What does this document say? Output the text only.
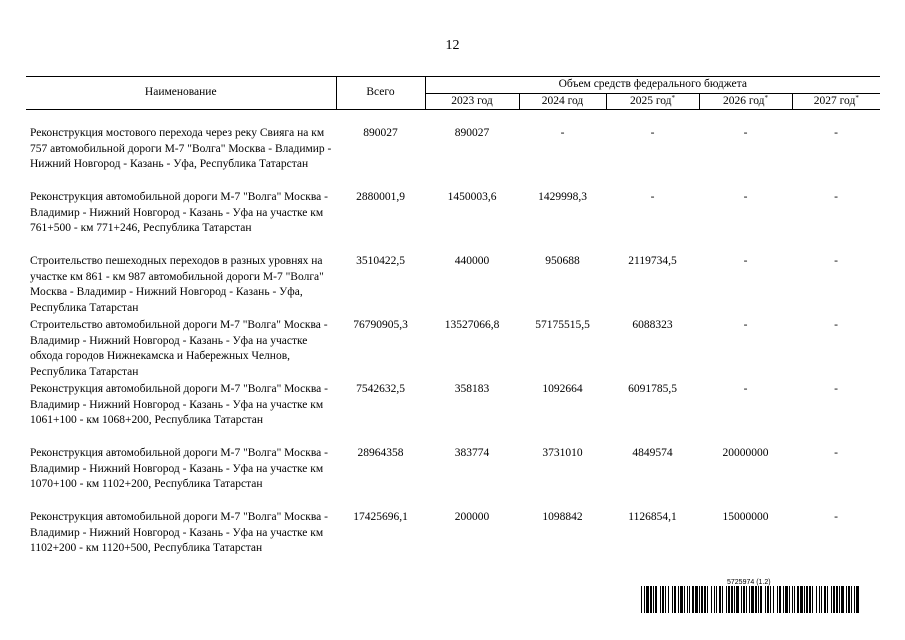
12
Наименование	Всего	Объем средств федерального бюджета				
		2023 год	2024 год	2025 год*	2026 год*	2027 год*

Реконструкция мостового перехода через реку Свияга на км 757 автомобильной дороги М-7 "Волга" Москва - Владимир - Нижний Новгород - Казань - Уфа, Республика Татарстан	890027	890027	-	-	-	-
Реконструкция автомобильной дороги М-7 "Волга" Москва - Владимир - Нижний Новгород - Казань - Уфа на участке км 761+500 - км 771+246, Республика Татарстан	2880001,9	1450003,6	1429998,3	-	-	-
Строительство пешеходных переходов в разных уровнях на участке км 861 - км 987 автомобильной дороги М-7 "Волга" Москва - Владимир - Нижний Новгород - Казань - Уфа, Республика Татарстан	3510422,5	440000	950688	2119734,5	-	-
Строительство автомобильной дороги М-7 "Волга" Москва - Владимир - Нижний Новгород - Казань - Уфа на участке обхода городов Нижнекамска и Набережных Челнов, Республика Татарстан	76790905,3	13527066,8	57175515,5	6088323	-	-
Реконструкция автомобильной дороги М-7 "Волга" Москва - Владимир - Нижний Новгород - Казань - Уфа на участке км 1061+100 - км 1068+200, Республика Татарстан	7542632,5	358183	1092664	6091785,5	-	-
Реконструкция автомобильной дороги М-7 "Волга" Москва - Владимир - Нижний Новгород - Казань - Уфа на участке км 1070+100 - км 1102+200, Республика Татарстан	28964358	383774	3731010	4849574	20000000	-
Реконструкция автомобильной дороги М-7 "Волга" Москва - Владимир - Нижний Новгород - Казань - Уфа на участке км 1102+200 - км 1120+500, Республика Татарстан	17425696,1	200000	1098842	1126854,1	15000000	-
5725974 (1.2)
